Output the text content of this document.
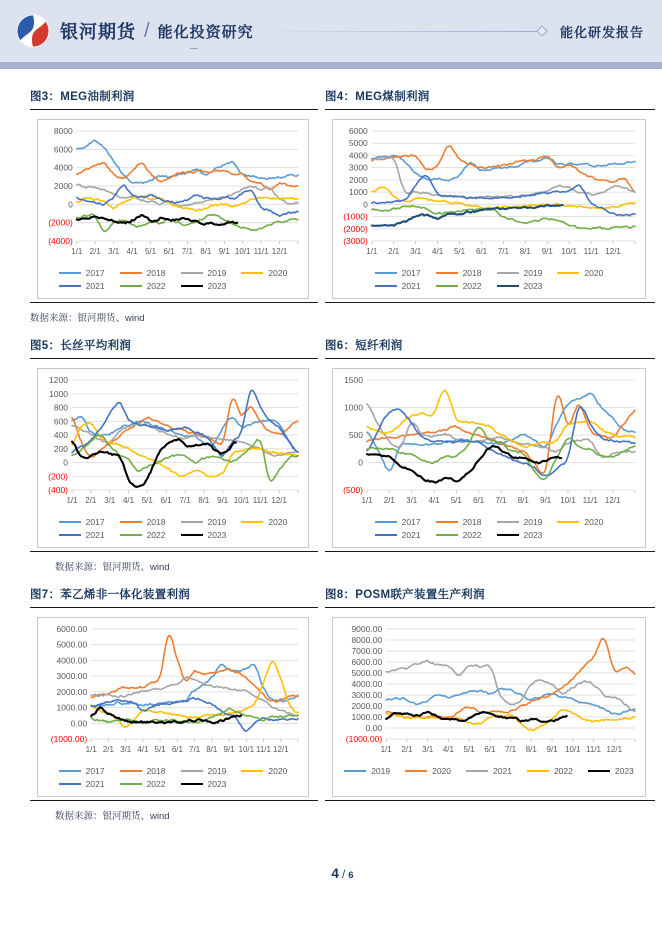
银河期货 / 能化投资研究	能化研发报告
图3：MEG油制利润
8000
6000
4000
2000
0
(2000)
(4000)
1/1 2/1 3/1 4/1 5/1 6/1 7/1 8/1 9/1 10/1 11/1 12/1
2017	2018	2019	2020
2021	2022	2023
图4：MEG煤制利润
6000
5000
4000
3000
2000
1000
0
(1000)
(2000)
(3000)
1/1 2/1 3/1 4/1 5/1 6/1 7/1 8/1 9/1 10/1 11/1 12/1
2017	2018	2019	2020
2021	2022	2023
数据来源：银河期货、wind
图5：长丝平均利润
1200
1000
800
600
400
200
0
(200)
(400)
1/1 2/1 3/1 4/1 5/1 6/1 7/1 8/1 9/1 10/1 11/1 12/1
2017	2018	2019	2020
2021	2022	2023
图6：短纤利润
1500
1000
500
0
(500)
1/1 2/1 3/1 4/1 5/1 6/1 7/1 8/1 9/1 10/1 11/1 12/1
2017	2018	2019	2020
2021	2022	2023
数据来源：银河期货、wind
图7：苯乙烯非一体化装置利润
6000.00
5000.00
4000.00
3000.00
2000.00
1000.00
0.00
(1000.00)
1/1 2/1 3/1 4/1 5/1 6/1 7/1 8/1 9/1 10/1 11/1 12/1
2017	2018	2019	2020
2021	2022	2023
图8：POSM联产装置生产利润
9000.00
8000.00
7000.00
6000.00
5000.00
4000.00
3000.00
2000.00
1000.00
0.00
(1000.00)
1/1 2/1 3/1 4/1 5/1 6/1 7/1 8/1 9/1 10/1 11/1 12/1
2019	2020	2021	2022	2023
数据来源：银河期货、wind
4 / 6
